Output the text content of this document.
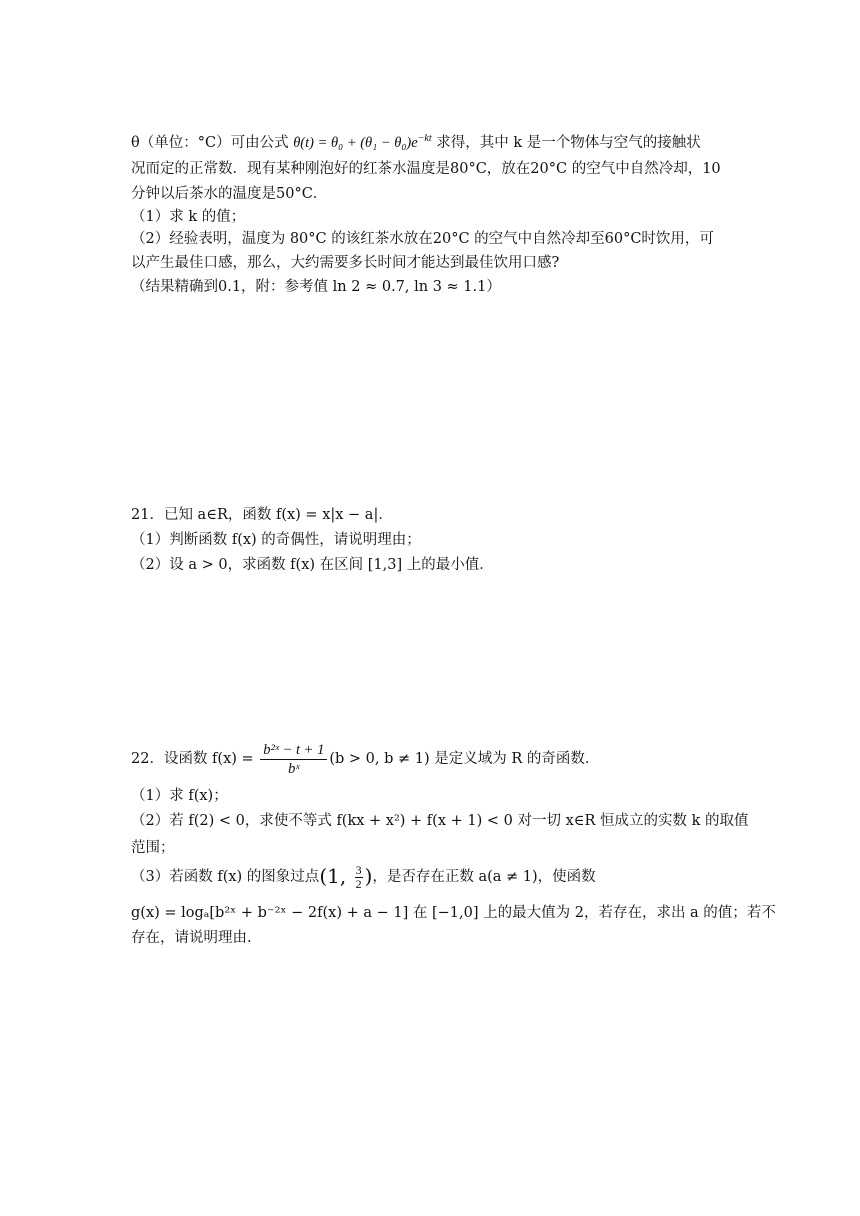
θ（单位：°C）可由公式 $\theta(t) = \theta_0 + (\theta_1 - \theta_0)e^{-kt}$ 求得，其中 k 是一个物体与空气的接触状
况而定的正常数．现有某种刚泡好的红茶水温度是80°C，放在20°C 的空气中自然冷却，10
分钟以后茶水的温度是50°C．
（1）求 k 的值；
（2）经验表明，温度为 80°C 的该红茶水放在20°C 的空气中自然冷却至60°C时饮用，可
以产生最佳口感，那么，大约需要多长时间才能达到最佳饮用口感?
（结果精确到0.1，附：参考值 ln 2 ≈ 0.7, ln 3 ≈ 1.1）
21．已知 a∈R，函数 f(x) = x|x − a|．
（1）判断函数 f(x) 的奇偶性，请说明理由；
（2）设 a > 0，求函数 f(x) 在区间 [1,3] 上的最小值．
22．设函数 $f(x) = \frac{\text{b²ˣ − t + 1}}{\text{bˣ}} (b > 0$, b ≠ 1) 是定义域为 R 的奇函数．
（1）求 f(x)；
（2）若 f(2) < 0，求使不等式 f(kx + x²) + f(x + 1) < 0 对一切 x∈R 恒成立的实数 k 的取值
范围；
（3）若函数 f(x) 的图象过点(1, $\frac{3}{2}$ )，是否存在正数 a(a ≠ 1)，使函数
g(x) = logₐ[b²ˣ + b⁻²ˣ − 2f(x) + a − 1] 在 [−1,0] 上的最大值为 2，若存在，求出 a 的值；若不
存在，请说明理由.
